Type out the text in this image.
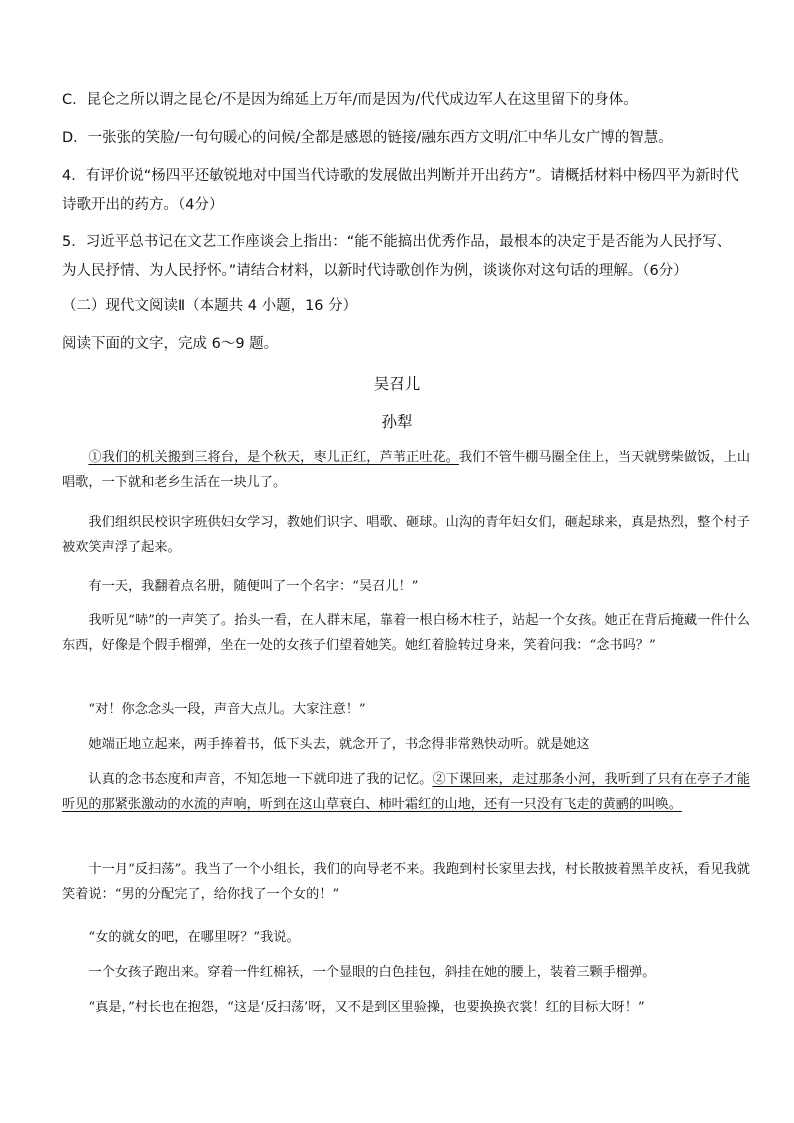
C．昆仑之所以谓之昆仑/不是因为绵延上万年/而是因为/代代成边军人在这里留下的身体。
D．一张张的笑脸/一句句暖心的问候/全都是感恩的链接/融东西方文明/汇中华儿女广博的智慧。
4．有评价说“杨四平还敏锐地对中国当代诗歌的发展做出判断并开出药方”。请概括材料中杨四平为新时代诗歌开出的药方。（4分）
5．习近平总书记在文艺工作座谈会上指出：“能不能搞出优秀作品，最根本的决定于是否能为人民抒写、为人民抒情、为人民抒怀。”请结合材料，以新时代诗歌创作为例，谈谈你对这句话的理解。（6分）
（二）现代文阅读Ⅱ（本题共 4 小题，16 分）
阅读下面的文字，完成 6～9 题。
吴召儿
孙犁
①我们的机关搬到三将台，是个秋天，枣儿正红，芦苇正吐花。我们不管牛棚马圈全住上，当天就劈柴做饭，上山唱歌，一下就和老乡生活在一块儿了。
我们组织民校识字班供妇女学习，教她们识字、唱歌、砸球。山沟的青年妇女们，砸起球来，真是热烈，整个村子被欢笑声浮了起来。
有一天，我翻着点名册，随便叫了一个名字：“吴召儿！”
我听见“哧”的一声笑了。抬头一看，在人群末尾，靠着一根白杨木柱子，站起一个女孩。她正在背后掩藏一件什么东西，好像是个假手榴弹，坐在一处的女孩子们望着她笑。她红着脸转过身来，笑着问我：“念书吗？”
“对！你念念头一段，声音大点儿。大家注意！”
她端正地立起来，两手捧着书，低下头去，就念开了，书念得非常熟快动听。就是她这
认真的念书态度和声音，不知怎地一下就印进了我的记忆。②下课回来，走过那条小河，我听到了只有在亭子才能听见的那紧张激动的水流的声响，听到在这山草衰白、柿叶霜红的山地，还有一只没有飞走的黄鹂的叫唤。
十一月“反扫荡”。我当了一个小组长，我们的向导老不来。我跑到村长家里去找，村长散披着黑羊皮袄，看见我就笑着说：“男的分配完了，给你找了一个女的！”
“女的就女的吧，在哪里呀？”我说。
一个女孩子跑出来。穿着一件红棉袄，一个显眼的白色挂包，斜挂在她的腰上，装着三颗手榴弹。
“真是，”村长也在抱怨，“这是‘反扫荡’呀，又不是到区里验操，也要换换衣裳！红的目标大呀！”
